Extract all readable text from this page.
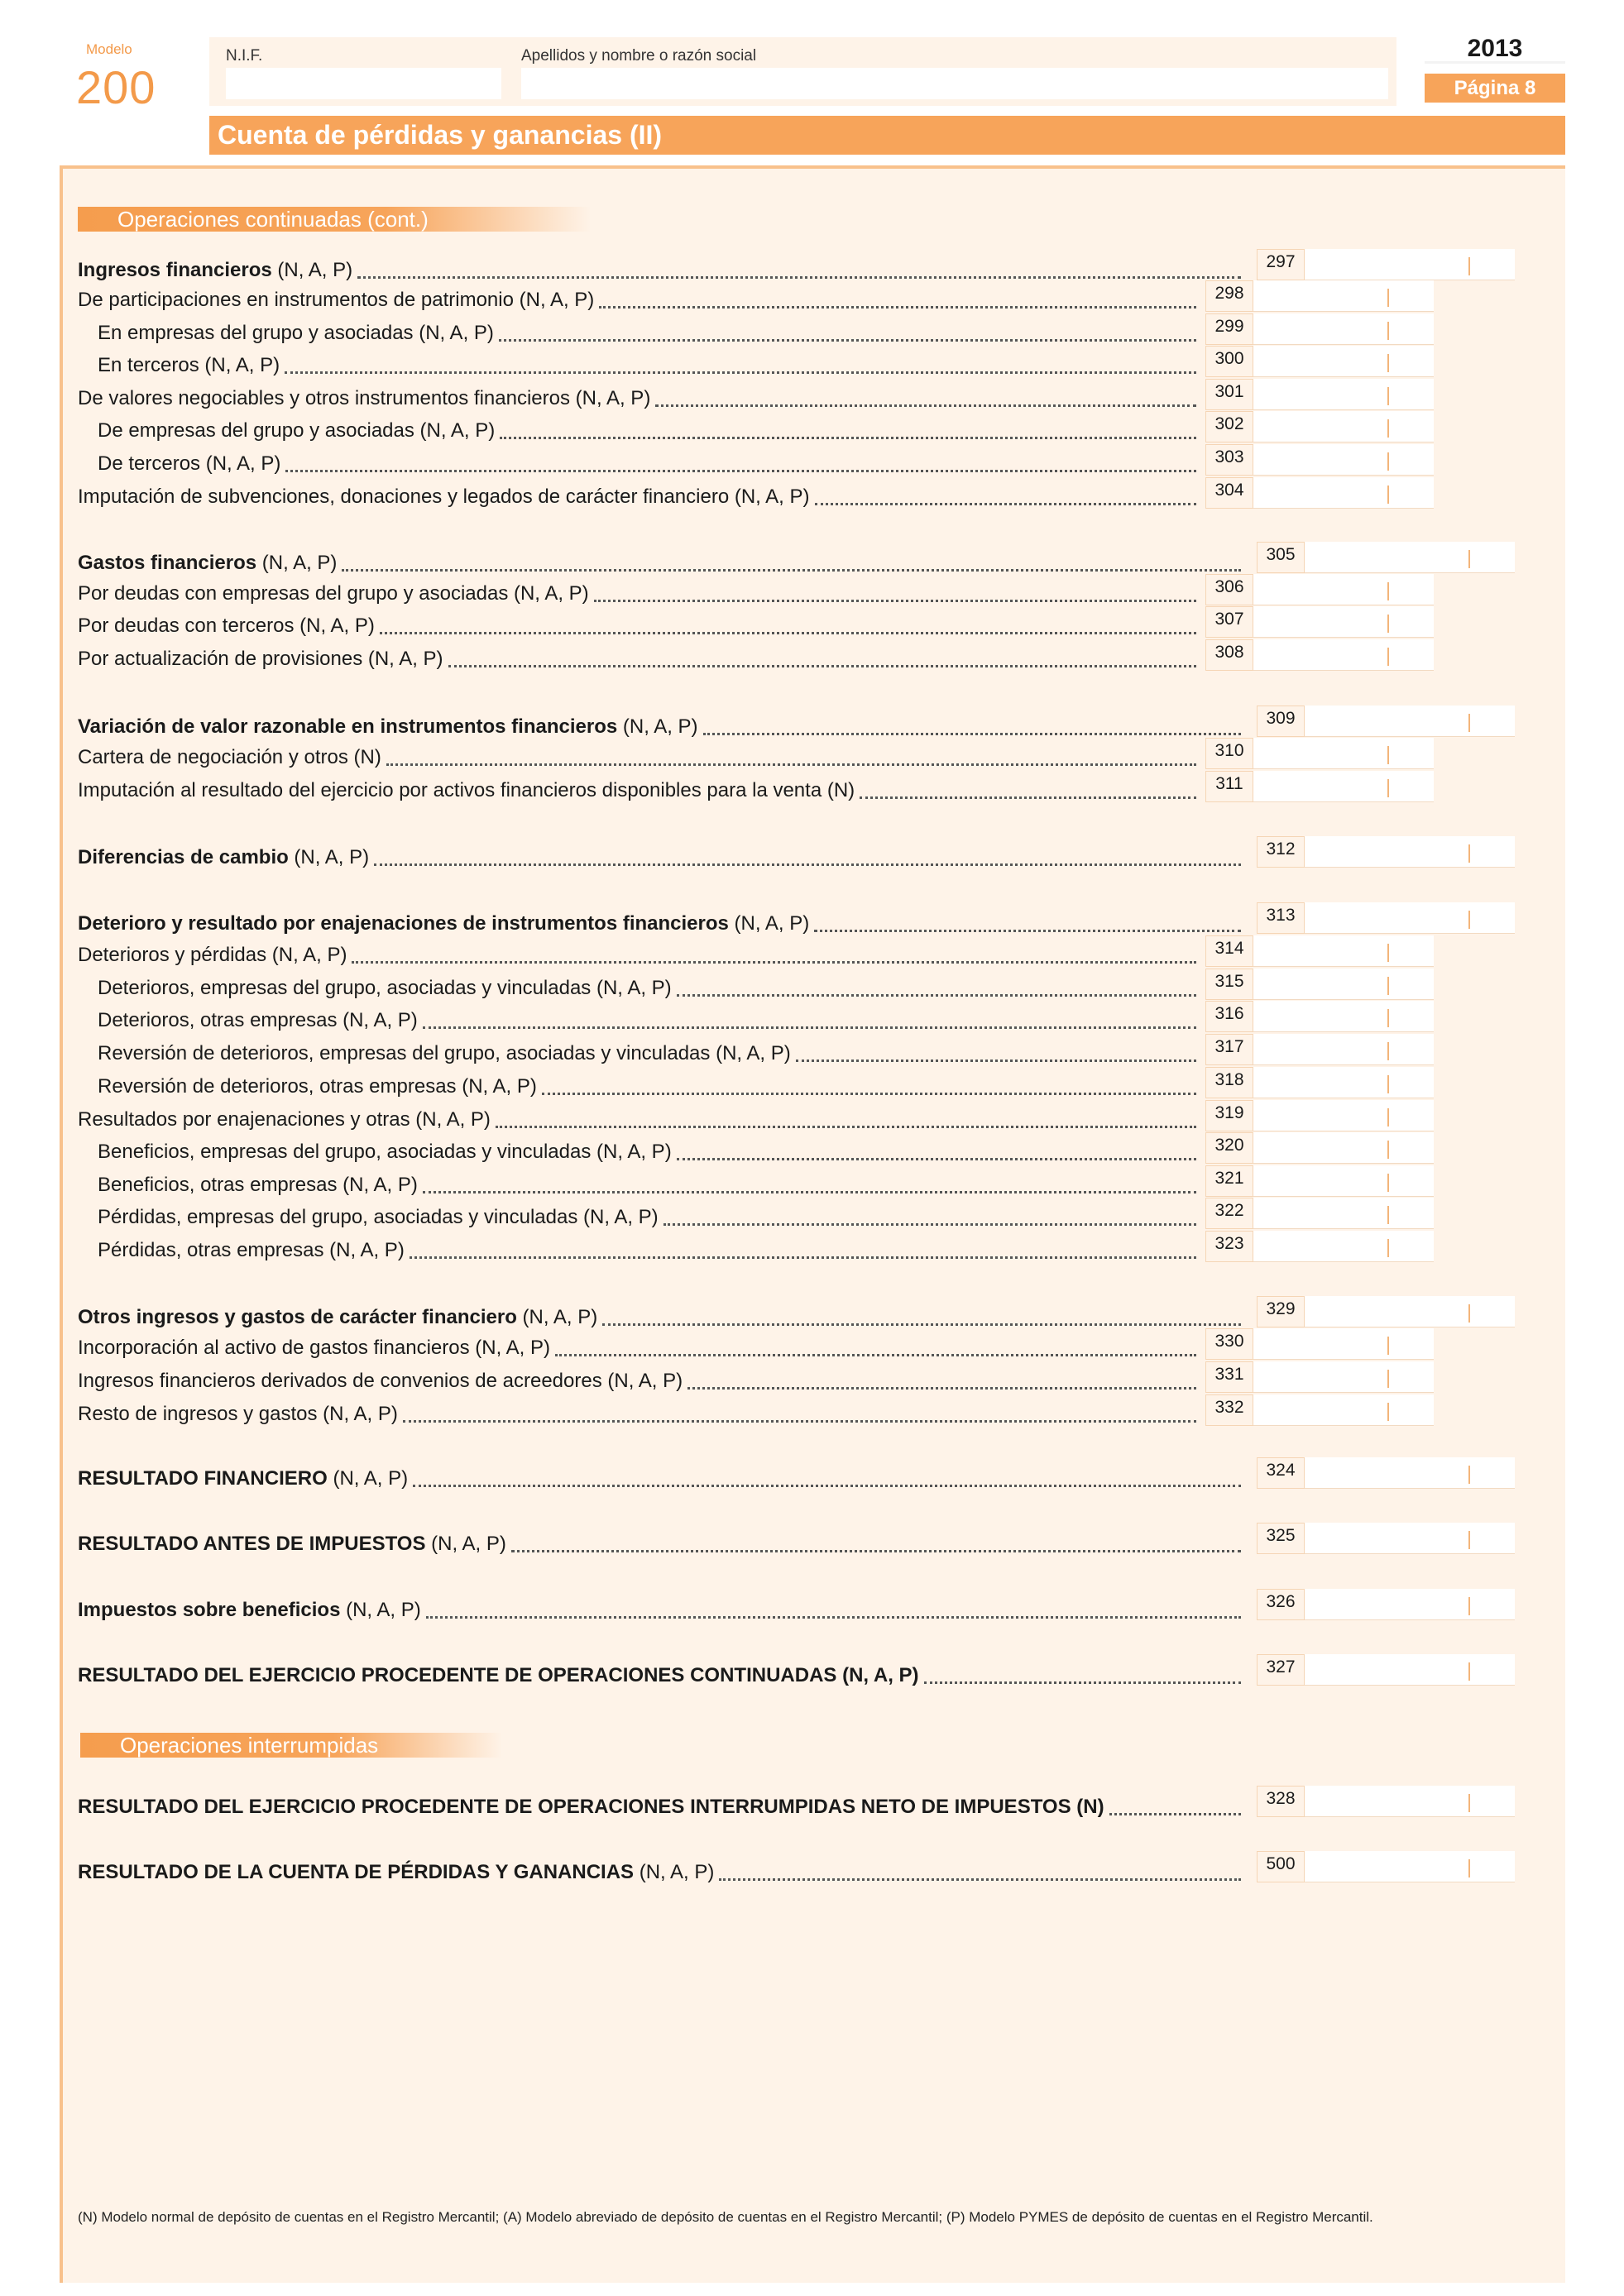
Modelo
200
N.I.F.	Apellidos y nombre o razón social	2013
Página 8
Cuenta de pérdidas y ganancias (II)
Operaciones continuadas (cont.)
Operaciones interrumpidas
Ingresos financieros (N, A, P)	297
De participaciones en instrumentos de patrimonio (N, A, P)	298
En empresas del grupo y asociadas (N, A, P)	299
En terceros (N, A, P)	300
De valores negociables y otros instrumentos financieros (N, A, P)	301
De empresas del grupo y asociadas (N, A, P)	302
De terceros (N, A, P)	303
Imputación de subvenciones, donaciones y legados de carácter financiero (N, A, P)	304
Gastos financieros (N, A, P)	305
Por deudas con empresas del grupo y asociadas (N, A, P)	306
Por deudas con terceros (N, A, P)	307
Por actualización de provisiones (N, A, P)	308
Variación de valor razonable en instrumentos financieros (N, A, P)	309
Cartera de negociación y otros (N)	310
Imputación al resultado del ejercicio por activos financieros disponibles para la venta (N)	311
Diferencias de cambio (N, A, P)	312
Deterioro y resultado por enajenaciones de instrumentos financieros (N, A, P)	313
Deterioros y pérdidas (N, A, P)	314
Deterioros, empresas del grupo, asociadas y vinculadas (N, A, P)	315
Deterioros, otras empresas (N, A, P)	316
Reversión de deterioros, empresas del grupo, asociadas y vinculadas (N, A, P)	317
Reversión de deterioros, otras empresas (N, A, P)	318
Resultados por enajenaciones y otras (N, A, P)	319
Beneficios, empresas del grupo, asociadas y vinculadas (N, A, P)	320
Beneficios, otras empresas (N, A, P)	321
Pérdidas, empresas del grupo, asociadas y vinculadas (N, A, P)	322
Pérdidas, otras empresas (N, A, P)	323
Otros ingresos y gastos de carácter financiero (N, A, P)	329
Incorporación al activo de gastos financieros (N, A, P)	330
Ingresos financieros derivados de convenios de acreedores (N, A, P)	331
Resto de ingresos y gastos (N, A, P)	332
RESULTADO FINANCIERO (N, A, P)	324
RESULTADO ANTES DE IMPUESTOS (N, A, P)	325
Impuestos sobre beneficios (N, A, P)	326
RESULTADO DEL EJERCICIO PROCEDENTE DE OPERACIONES CONTINUADAS (N, A, P)	327
RESULTADO DEL EJERCICIO PROCEDENTE DE OPERACIONES INTERRUMPIDAS NETO DE IMPUESTOS (N)	328
RESULTADO DE LA CUENTA DE PÉRDIDAS Y GANANCIAS (N, A, P)	500
(N) Modelo normal de depósito de cuentas en el Registro Mercantil; (A) Modelo abreviado de depósito de cuentas en el Registro Mercantil; (P) Modelo PYMES de depósito de cuentas en el Registro Mercantil.
